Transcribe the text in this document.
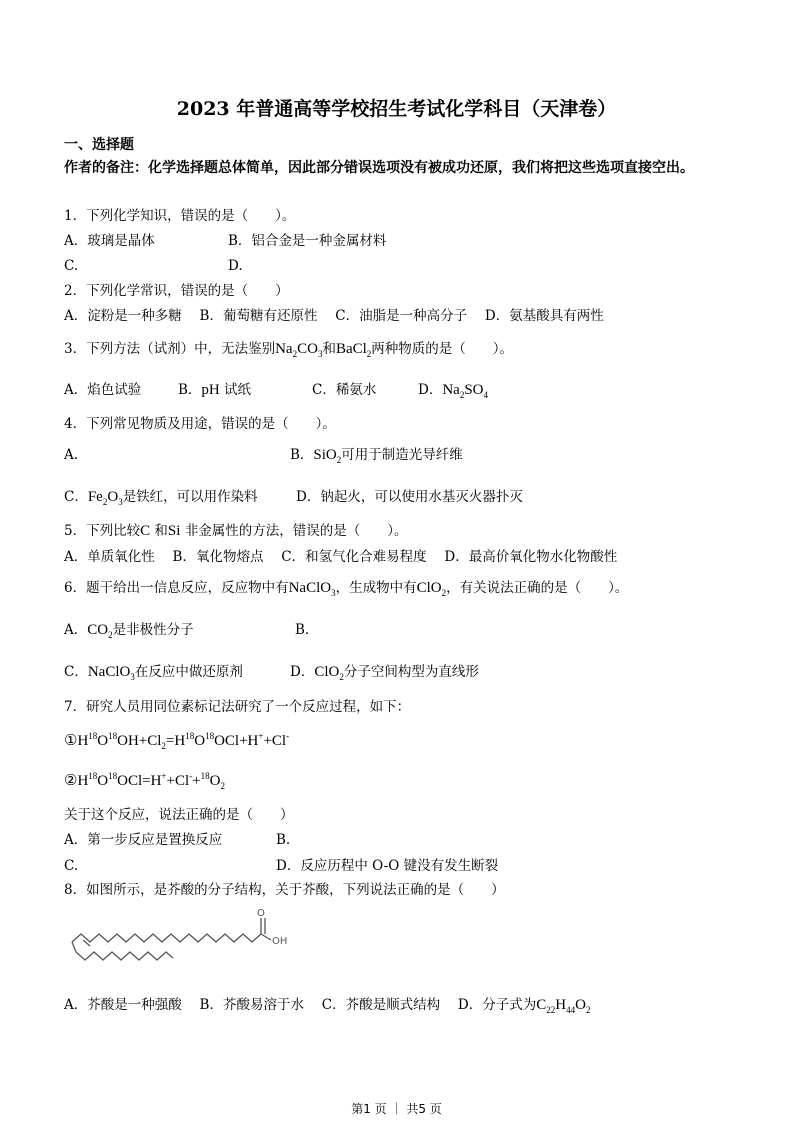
2023 年普通高等学校招生考试化学科目（天津卷）
一、选择题
作者的备注：化学选择题总体简单，因此部分错误选项没有被成功还原，我们将把这些选项直接空出。
1．下列化学知识，错误的是（　　）。
A．玻璃是晶体	B．铝合金是一种金属材料
C.	D.
2．下列化学常识，错误的是（　　）
A．淀粉是一种多糖　 B．葡萄糖有还原性　 C．油脂是一种高分子　 D．氨基酸具有两性
3．下列方法（试剂）中，无法鉴别$Na_2CO_3$和BaCl$_2$两种物质的是（　　）。
A．焰色试验	B．pH 试纸	C．稀氨水	D．$Na_2SO_4$
4．下列常见物质及用途，错误的是（　　）。
A.	B．SiO$_2$可用于制造光导纤维
C．$Fe_2O_3$是铁红，可以用作染料	D．钠起火，可以使用水基灭火器扑灭
5．下列比较C 和Si 非金属性的方法，错误的是（　　）。
A．单质氧化性　 B．氧化物熔点　 C．和氢气化合难易程度　 D．最高价氧化物水化物酸性
6．题干给出一信息反应，反应物中有NaClO$_3$，生成物中有ClO$_2$，有关说法正确的是（　　）。
A．$CO_2$是非极性分子	B.
C．NaClO$_3$在反应中做还原剂	D．ClO$_2$分子空间构型为直线形
7．研究人员用同位素标记法研究了一个反应过程，如下：
$①H^{18}O^{18}OH+Cl_2=H^{18}O^{18}OCl+H^++Cl^-$
$②H^{18}O^{18}OCl=H^++Cl^-+^{18}O_2$
关于这个反应，说法正确的是（　　）
A．第一步反应是置换反应	B.
C.	D．反应历程中 O-O 键没有发生断裂
8．如图所示，是芥酸的分子结构，关于芥酸，下列说法正确的是（　　）
O
OH
A．芥酸是一种强酸　 B．芥酸易溶于水　 C．芥酸是顺式结构　 D．分子式为$C_{22}H_{44}O_2$
第1 页 ｜ 共5 页
